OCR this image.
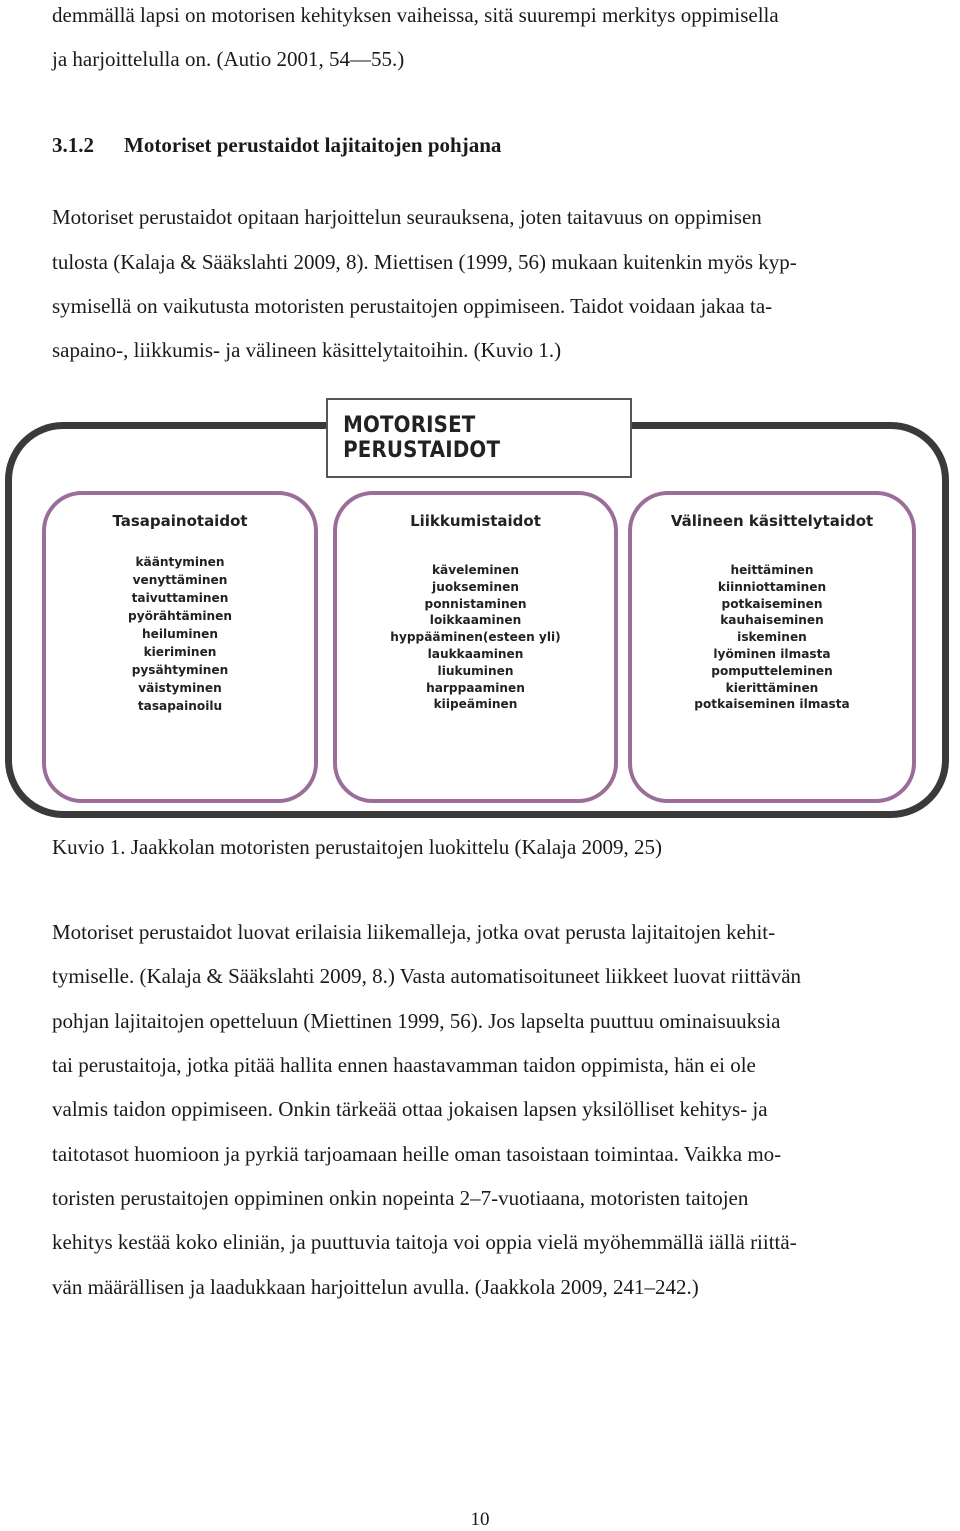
demmällä lapsi on motorisen kehityksen vaiheissa, sitä suurempi merkitys oppimisella
ja harjoittelulla on. (Autio 2001, 54—55.)
3.1.2 Motoriset perustaidot lajitaitojen pohjana
Motoriset perustaidot opitaan harjoittelun seurauksena, joten taitavuus on oppimisen
tulosta (Kalaja & Sääkslahti 2009, 8). Miettisen (1999, 56) mukaan kuitenkin myös kyp-
symisellä on vaikutusta motoristen perustaitojen oppimiseen. Taidot voidaan jakaa ta-
sapaino-, liikkumis- ja välineen käsittelytaitoihin. (Kuvio 1.)
MOTORISET PERUSTAIDOT
Tasapainotaidot
kääntyminen
venyttäminen
taivuttaminen
pyörähtäminen
heiluminen
kieriminen
pysähtyminen
väistyminen
tasapainoilu
Liikkumistaidot
käveleminen
juokseminen
ponnistaminen
loikkaaminen
hyppääminen(esteen yli)
laukkaaminen
liukuminen
harppaaminen
kiipeäminen
Välineen käsittelytaidot
heittäminen
kiinniottaminen
potkaiseminen
kauhaiseminen
iskeminen
lyöminen ilmasta
pomputteleminen
kierittäminen
potkaiseminen ilmasta
Kuvio 1. Jaakkolan motoristen perustaitojen luokittelu (Kalaja 2009, 25)
Motoriset perustaidot luovat erilaisia liikemalleja, jotka ovat perusta lajitaitojen kehit-
tymiselle. (Kalaja & Sääkslahti 2009, 8.) Vasta automatisoituneet liikkeet luovat riittävän
pohjan lajitaitojen opetteluun (Miettinen 1999, 56). Jos lapselta puuttuu ominaisuuksia
tai perustaitoja, jotka pitää hallita ennen haastavamman taidon oppimista, hän ei ole
valmis taidon oppimiseen. Onkin tärkeää ottaa jokaisen lapsen yksilölliset kehitys- ja
taitotasot huomioon ja pyrkiä tarjoamaan heille oman tasoistaan toimintaa. Vaikka mo-
toristen perustaitojen oppiminen onkin nopeinta 2–7-vuotiaana, motoristen taitojen
kehitys kestää koko eliniän, ja puuttuvia taitoja voi oppia vielä myöhemmällä iällä riittä-
vän määrällisen ja laadukkaan harjoittelun avulla. (Jaakkola 2009, 241–242.)
10
